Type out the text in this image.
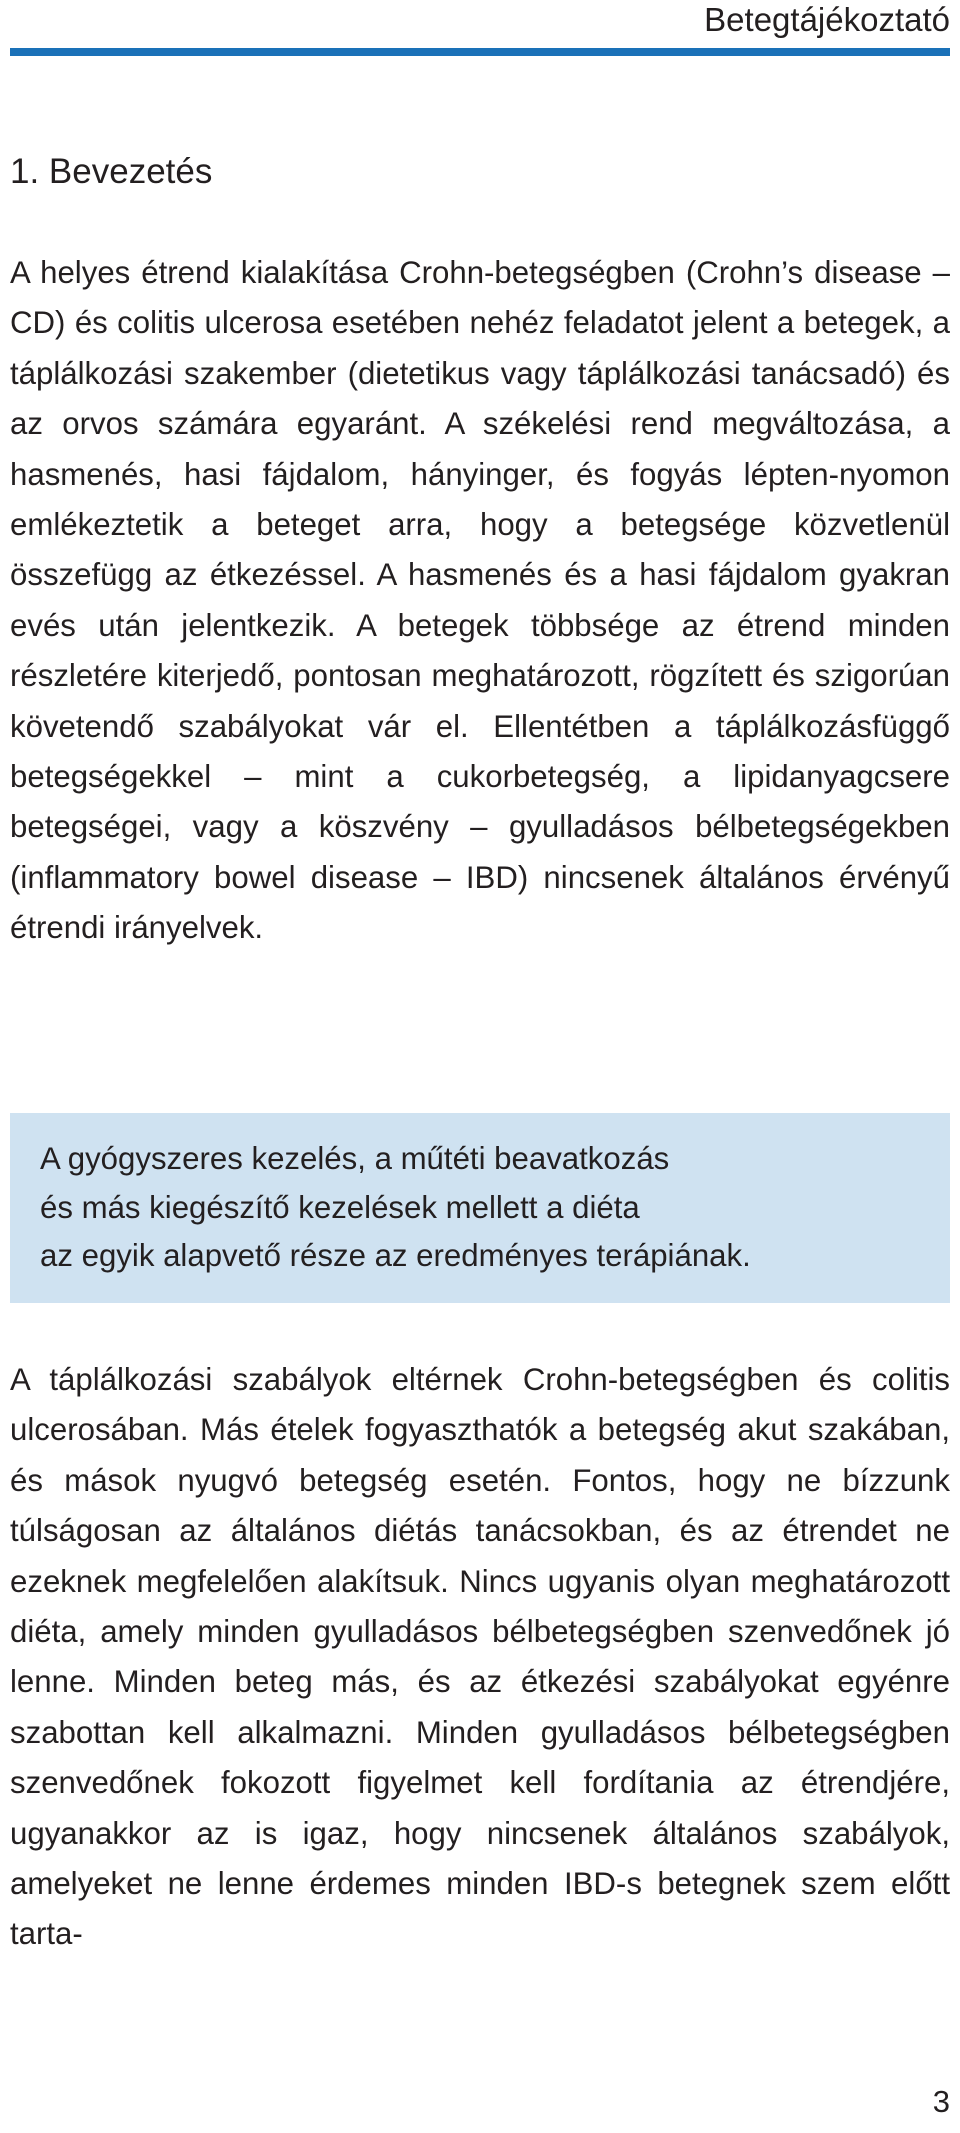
Betegtájékoztató
1. Bevezetés

A helyes étrend kialakítása Crohn-betegségben (Crohn’s disease – CD) és colitis ulcerosa esetében nehéz feladatot jelent a betegek, a táplálkozási szakember (dietetikus vagy táplálkozási tanácsadó) és az orvos számára egyaránt. A székelési rend megváltozása, a hasmenés, hasi fájdalom, hányinger, és fogyás lépten-nyomon emlékeztetik a beteget arra, hogy a betegsége közvetlenül összefügg az étkezéssel. A hasmenés és a hasi fájdalom gyakran evés után jelentkezik. A betegek többsége az étrend minden részletére kiterjedő, pontosan meghatározott, rögzített és szigorúan követendő szabályokat vár el. Ellentétben a táplálkozásfüggő betegségekkel – mint a cukorbetegség, a lipidanyagcsere betegségei, vagy a köszvény – gyulladásos bélbetegségekben (inflammatory bowel disease – IBD) nincsenek általános érvényű étrendi irányelvek.

A gyógyszeres kezelés, a műtéti beavatkozás
és más kiegészítő kezelések mellett a diéta
az egyik alapvető része az eredményes terápiának.

A táplálkozási szabályok eltérnek Crohn-betegségben és colitis ulcerosában. Más ételek fogyaszthatók a betegség akut szakában, és mások nyugvó betegség esetén. Fontos, hogy ne bízzunk túlságosan az általános diétás tanácsokban, és az étrendet ne ezeknek megfelelően alakítsuk. Nincs ugyanis olyan meghatározott diéta, amely minden gyulladásos bélbetegségben szenvedőnek jó lenne. Minden beteg más, és az étkezési szabályokat egyénre szabottan kell alkalmazni. Minden gyulladásos bélbetegségben szenvedőnek fokozott figyelmet kell fordítania az étrendjére, ugyanakkor az is igaz, hogy nincsenek általános szabályok, amelyeket ne lenne érdemes minden IBD-s betegnek szem előtt tarta-

3
